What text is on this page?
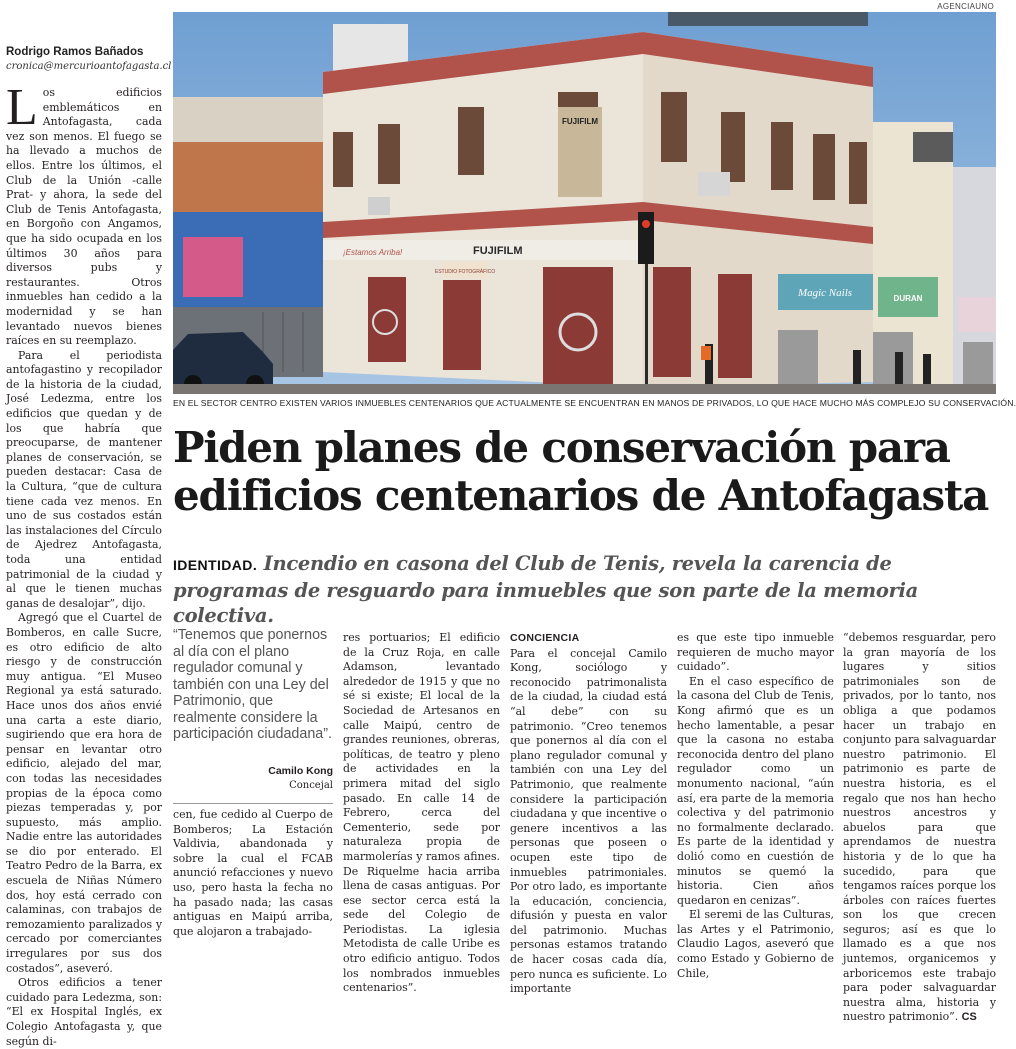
AGENCIAUNO
Rodrigo Ramos Bañados
cronica@mercurioantofagasta.cl

Los edificios emblemáticos en Antofagasta, cada vez son menos. El fuego se ha llevado a muchos de ellos. Entre los últimos, el Club de la Unión -calle Prat- y ahora, la sede del Club de Tenis Antofagasta, en Borgoño con Angamos, que ha sido ocupada en los últimos 30 años para diversos pubs y restaurantes. Otros inmuebles han cedido a la modernidad y se han levantado nuevos bienes raíces en su reemplazo.

Para el periodista antofagastino y recopilador de la historia de la ciudad, José Ledezma, entre los edificios que quedan y de los que habría que preocuparse, de mantener planes de conservación, se pueden destacar: Casa de la Cultura, “que de cultura tiene cada vez menos. En uno de sus costados están las instalaciones del Círculo de Ajedrez Antofagasta, toda una entidad patrimonial de la ciudad y al que le tienen muchas ganas de desalojar”, dijo.

Agregó que el Cuartel de Bomberos, en calle Sucre, es otro edificio de alto riesgo y de construcción muy antigua. “El Museo Regional ya está saturado. Hace unos dos años envié una carta a este diario, sugiriendo que era hora de pensar en levantar otro edificio, alejado del mar, con todas las necesidades propias de la época como piezas temperadas y, por supuesto, más amplio. Nadie entre las autoridades se dio por enterado. El Teatro Pedro de la Barra, ex escuela de Niñas Número dos, hoy está cerrado con calaminas, con trabajos de remozamiento paralizados y cercado por comerciantes irregulares por sus dos costados”, aseveró.

Otros edificios a tener cuidado para Ledezma, son: “El ex Hospital Inglés, ex Colegio Antofagasta y, que según di-

FUJIFILM
¡Estamos Arriba!	FUJIFILM
ESTUDIO FOTOGRÁFICO
Magic Nails	DURAN
EN EL SECTOR CENTRO EXISTEN VARIOS INMUEBLES CENTENARIOS QUE ACTUALMENTE SE ENCUENTRAN EN MANOS DE PRIVADOS, LO QUE HACE MUCHO MÁS COMPLEJO SU CONSERVACIÓN.
Piden planes de conservación para
edificios centenarios de Antofagasta
IDENTIDAD. Incendio en casona del Club de Tenis, revela la carencia de programas de resguardo para inmuebles que son parte de la memoria colectiva.
“Tenemos que ponernos al día con el plano regulador comunal y también con una Ley del Patrimonio, que realmente considere la participación ciudadana”.
Camilo Kong
Concejal

cen, fue cedido al Cuerpo de Bomberos; La Estación Valdivia, abandonada y sobre la cual el FCAB anunció refacciones y nuevo uso, pero hasta la fecha no ha pasado nada; las casas antiguas en Maipú arriba, que alojaron a trabajado-

res portuarios; El edificio de la Cruz Roja, en calle Adamson, levantado alrededor de 1915 y que no sé si existe; El local de la Sociedad de Artesanos en calle Maipú, centro de grandes reuniones, obreras, políticas, de teatro y pleno de actividades en la primera mitad del siglo pasado. En calle 14 de Febrero, cerca del Cementerio, sede por naturaleza propia de marmolerías y ramos afines. De Riquelme hacia arriba llena de casas antiguas. Por ese sector cerca está la sede del Colegio de Periodistas. La iglesia Metodista de calle Uribe es otro edificio antiguo. Todos los nombrados inmuebles centenarios”.

CONCIENCIA

Para el concejal Camilo Kong, sociólogo y reconocido patrimonalista de la ciudad, la ciudad está “al debe” con su patrimonio. “Creo tenemos que ponernos al día con el plano regulador comunal y también con una Ley del Patrimonio, que realmente considere la participación ciudadana y que incentive o genere incentivos a las personas que poseen o ocupen este tipo de inmuebles patrimoniales. Por otro lado, es importante la educación, conciencia, difusión y puesta en valor del patrimonio. Muchas personas estamos tratando de hacer cosas cada día, pero nunca es suficiente. Lo importante

es que este tipo inmueble requieren de mucho mayor cuidado”.

En el caso específico de la casona del Club de Tenis, Kong afirmó que es un hecho lamentable, a pesar que la casona no estaba reconocida dentro del plano regulador como un monumento nacional, “aún así, era parte de la memoria colectiva y del patrimonio no formalmente declarado. Es parte de la identidad y dolió como en cuestión de minutos se quemó la historia. Cien años quedaron en cenizas”.

El seremi de las Culturas, las Artes y el Patrimonio, Claudio Lagos, aseveró que como Estado y Gobierno de Chile,

“debemos resguardar, pero la gran mayoría de los lugares y sitios patrimoniales son de privados, por lo tanto, nos obliga a que podamos hacer un trabajo en conjunto para salvaguardar nuestro patrimonio. El patrimonio es parte de nuestra historia, es el regalo que nos han hecho nuestros ancestros y abuelos para que aprendamos de nuestra historia y de lo que ha sucedido, para que tengamos raíces porque los árboles con raíces fuertes son los que crecen seguros; así es que lo llamado es a que nos juntemos, organicemos y arboricemos este trabajo para poder salvaguardar nuestra alma, historia y nuestro patrimonio”. CS
